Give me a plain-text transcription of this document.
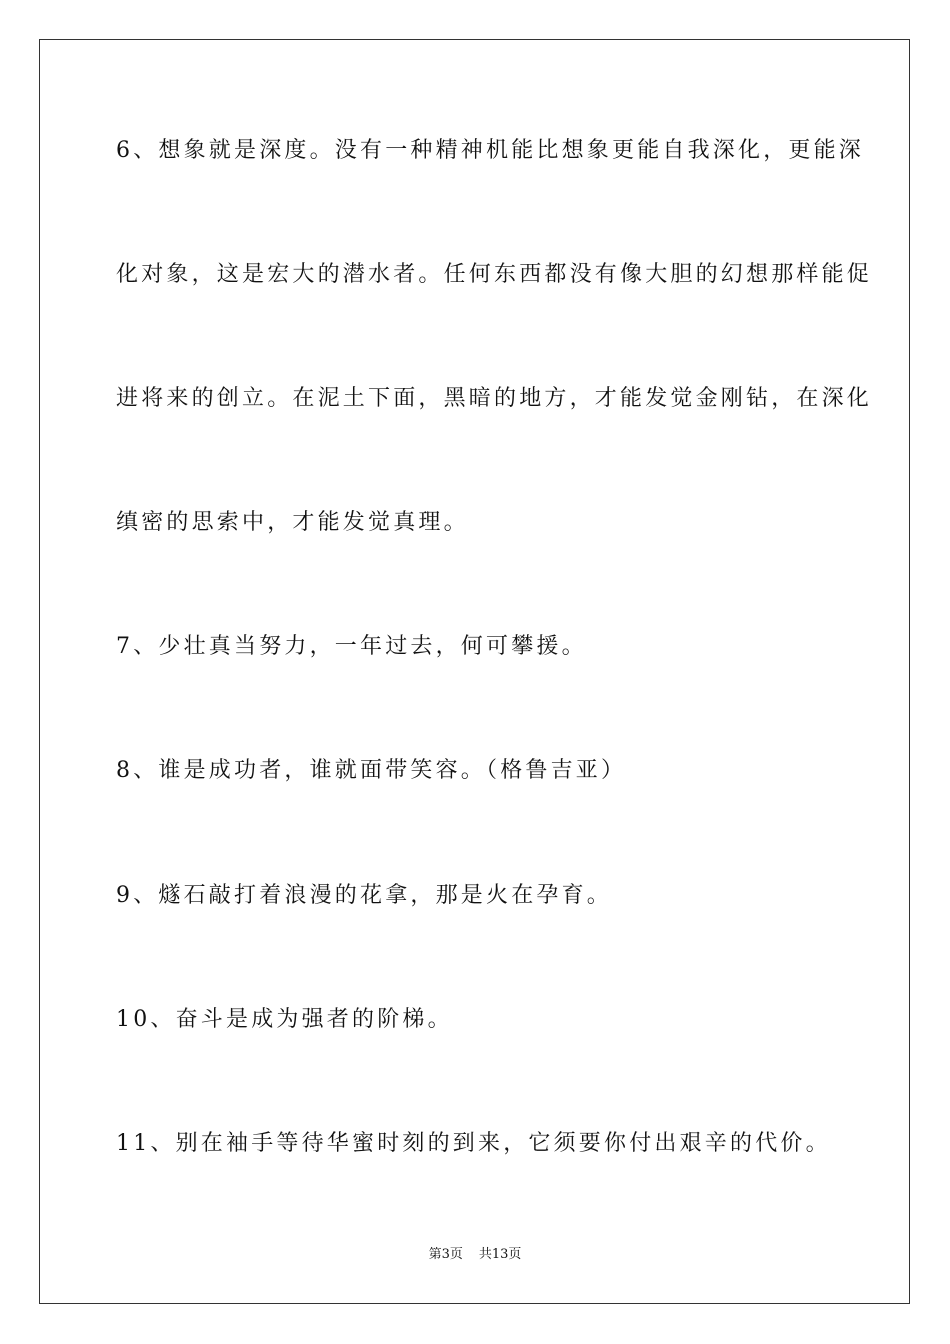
6、想象就是深度。没有一种精神机能比想象更能自我深化，更能深
化对象，这是宏大的潜水者。任何东西都没有像大胆的幻想那样能促
进将来的创立。在泥土下面，黑暗的地方，才能发觉金刚钻，在深化
缜密的思索中，才能发觉真理。
7、少壮真当努力，一年过去，何可攀援。
8、谁是成功者，谁就面带笑容。（格鲁吉亚）
9、燧石敲打着浪漫的花拿，那是火在孕育。
10、奋斗是成为强者的阶梯。
11、别在袖手等待华蜜时刻的到来，它须要你付出艰辛的代价。
第3页 共13页
